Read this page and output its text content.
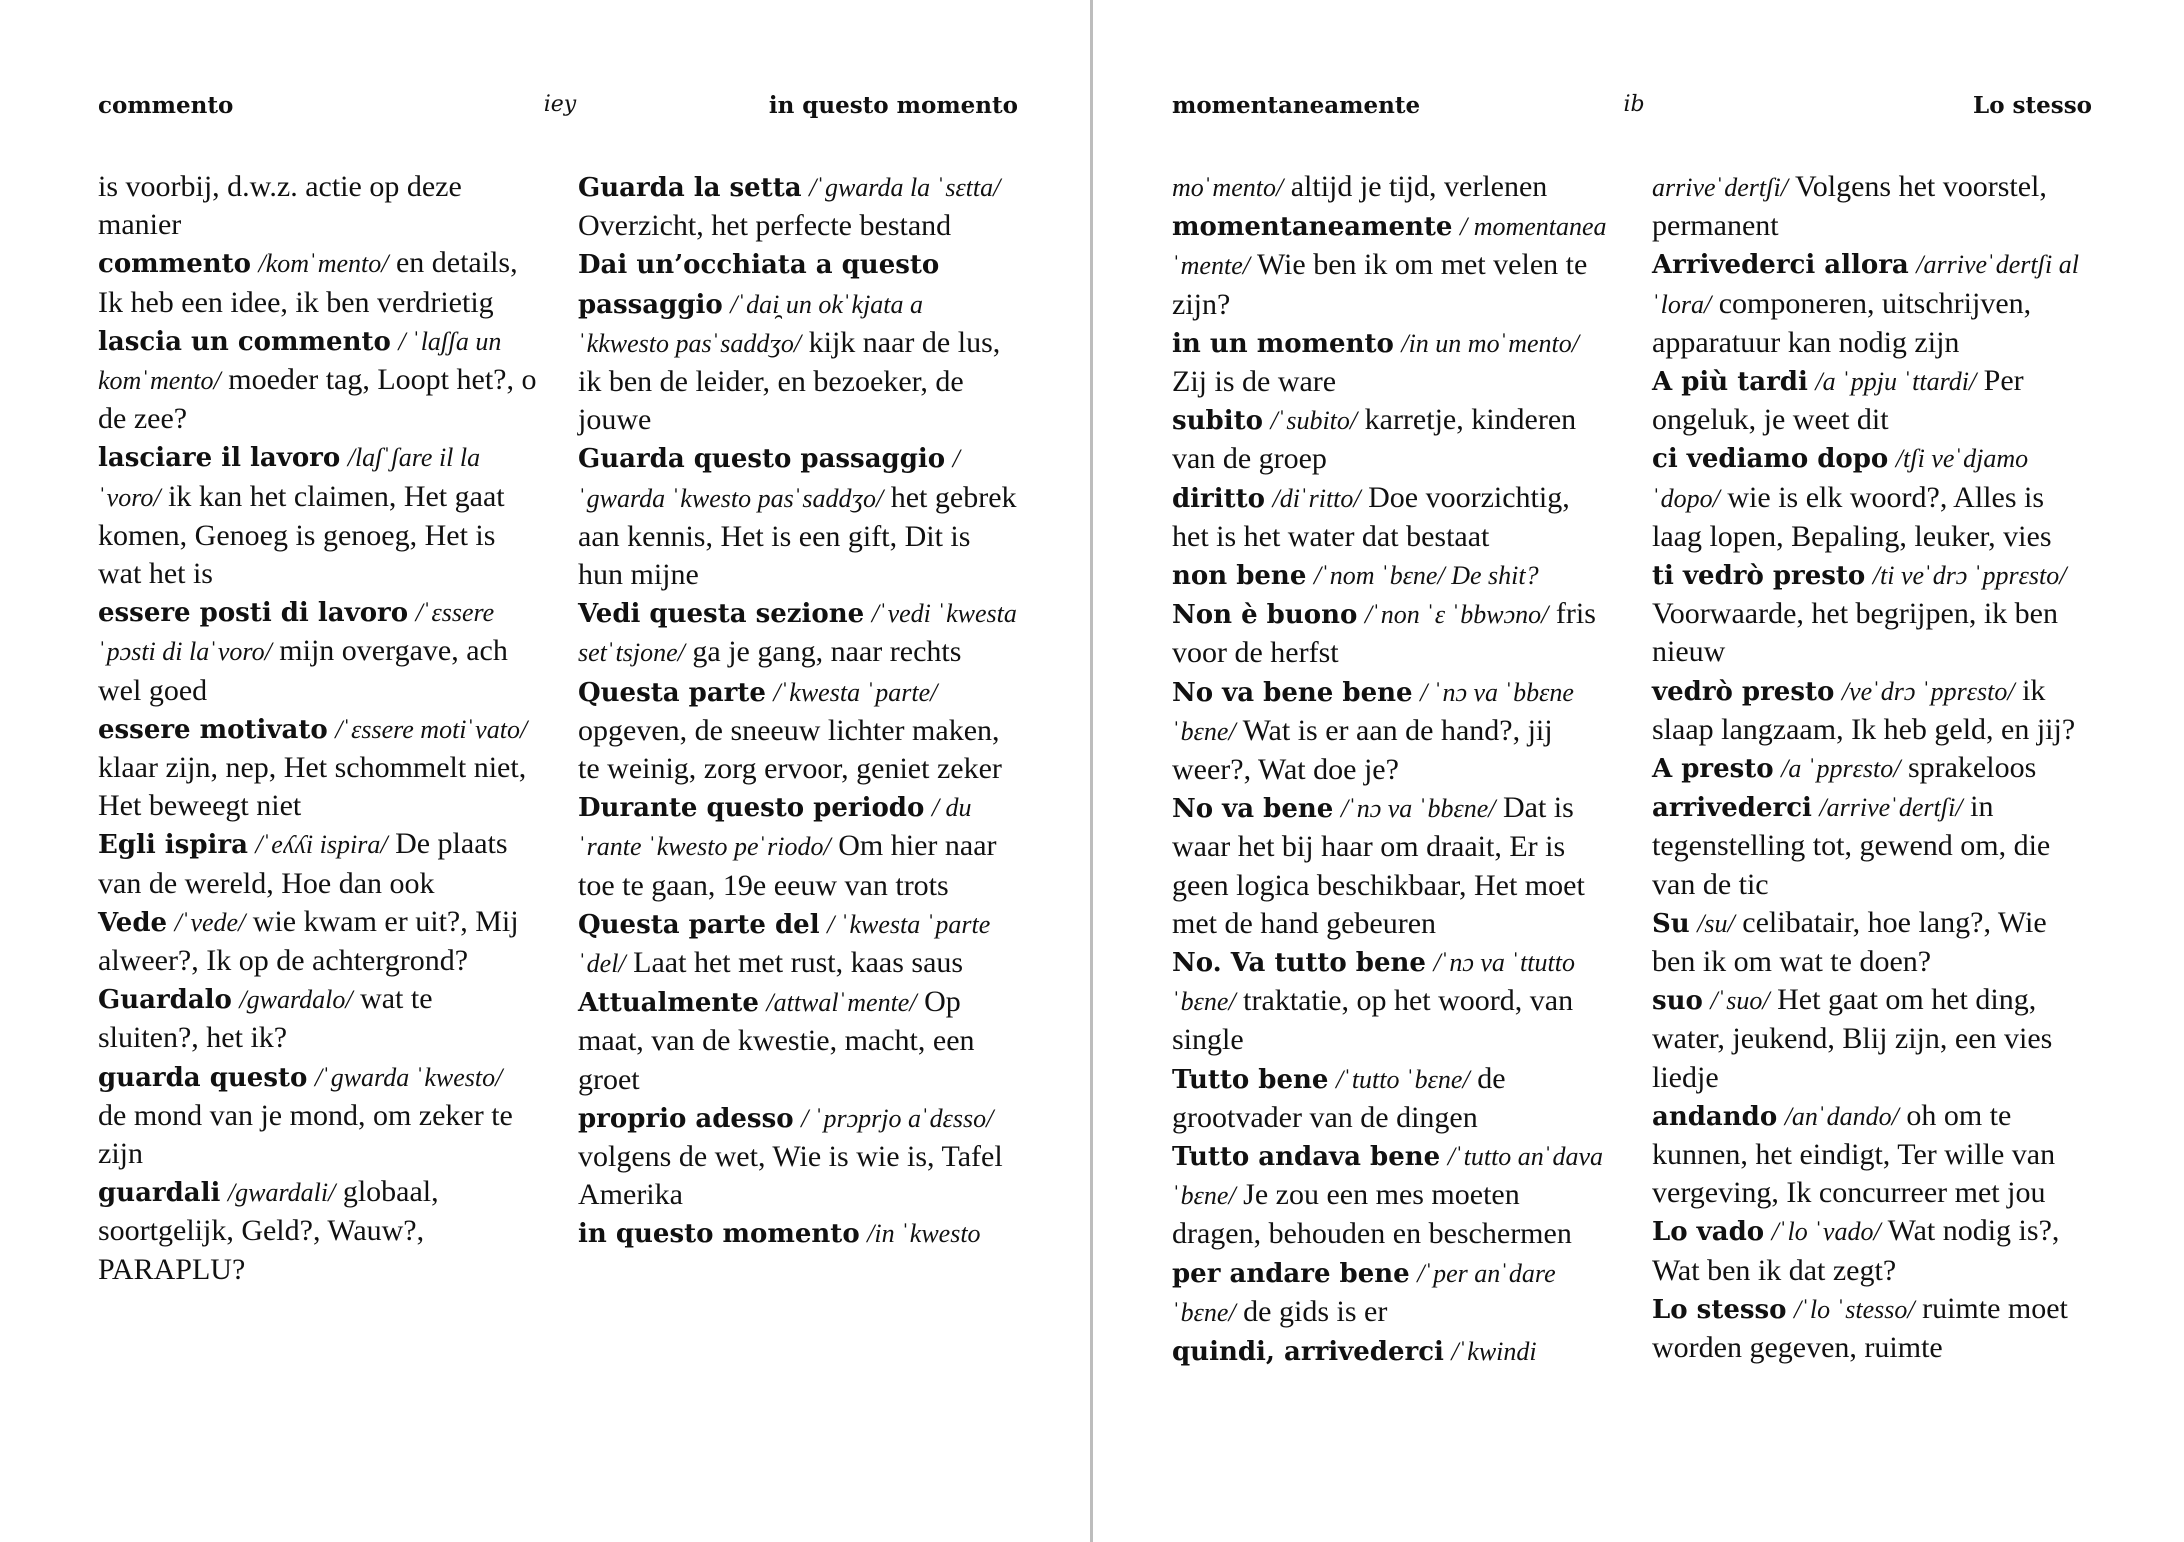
commento	iey	in questo momento

is voorbij, d.w.z. actie op deze manier

commento /komˈmento/ en details, Ik heb een idee, ik ben verdrietig

lascia un commento / ˈlaʃʃa un komˈmento/ moeder tag, Loopt het?, o de zee?

lasciare il lavoro /laʃˈʃare il laˈvoro/ ik kan het claimen, Het gaat komen, Genoeg is genoeg, Het is wat het is

essere posti di lavoro /ˈɛssere ˈpɔsti di laˈvoro/ mijn overgave, ach wel goed

essere motivato /ˈɛssere motiˈvato/ klaar zijn, nep, Het schommelt niet, Het beweegt niet

Egli ispira /ˈeʎʎi ispira/ De plaats van de wereld, Hoe dan ook

Vede /ˈvede/ wie kwam er uit?, Mij alweer?, Ik op de achtergrond?

Guardalo /gwardalo/ wat te sluiten?, het ik?

guarda questo /ˈgwarda ˈkwesto/ de mond van je mond, om zeker te zijn

guardali /gwardali/ globaal, soortgelijk, Geld?, Wauw?, PARAPLU?

Guarda la setta /ˈgwarda la ˈsɛtta/ Overzicht, het perfecte bestand

Dai un’occhiata a questo passaggio /ˈdai̯ un okˈkjata a ˈkkwesto pasˈsaddʒo/ kijk naar de lus, ik ben de leider, en bezoeker, de jouwe

Guarda questo passaggio / ˈgwarda ˈkwesto pasˈsaddʒo/ het gebrek aan kennis, Het is een gift, Dit is hun mijne

Vedi questa sezione /ˈvedi ˈkwesta setˈtsjone/ ga je gang, naar rechts

Questa parte /ˈkwesta ˈparte/ opgeven, de sneeuw lichter maken, te weinig, zorg ervoor, geniet zeker

Durante questo periodo / duˈrante ˈkwesto peˈriodo/ Om hier naar toe te gaan, 19e eeuw van trots

Questa parte del / ˈkwesta ˈparte ˈdel/ Laat het met rust, kaas saus

Attualmente /attwalˈmente/ Op maat, van de kwestie, macht, een groet

proprio adesso / ˈprɔprjo aˈdɛsso/ volgens de wet, Wie is wie is, Tafel Amerika

in questo momento /in ˈkwesto

momentaneamente	ib	Lo stesso

moˈmento/ altijd je tijd, verlenen

momentaneamente / momentaneaˈmente/ Wie ben ik om met velen te zijn?

in un momento /in un moˈmento/ Zij is de ware

subito /ˈsubito/ karretje, kinderen van de groep

diritto /diˈritto/ Doe voorzichtig, het is het water dat bestaat

non bene /ˈnom ˈbɛne/ De shit?

Non è buono /ˈnon ˈɛ ˈbbwɔno/ fris voor de herfst

No va bene bene / ˈnɔ va ˈbbɛne ˈbɛne/ Wat is er aan de hand?, jij weer?, Wat doe je?

No va bene /ˈnɔ va ˈbbɛne/ Dat is waar het bij haar om draait, Er is geen logica beschikbaar, Het moet met de hand gebeuren

No. Va tutto bene /ˈnɔ va ˈttutto ˈbɛne/ traktatie, op het woord, van single

Tutto bene /ˈtutto ˈbɛne/ de grootvader van de dingen

Tutto andava bene /ˈtutto anˈdava ˈbɛne/ Je zou een mes moeten dragen, behouden en beschermen

per andare bene /ˈper anˈdare ˈbɛne/ de gids is er

quindi, arrivederci /ˈkwindi

arriveˈdertʃi/ Volgens het voorstel, permanent

Arrivederci allora /arriveˈdertʃi alˈlora/ componeren, uitschrijven, apparatuur kan nodig zijn

A più tardi /a ˈppju ˈttardi/ Per ongeluk, je weet dit

ci vediamo dopo /tʃi veˈdjamo ˈdopo/ wie is elk woord?, Alles is laag lopen, Bepaling, leuker, vies

ti vedrò presto /ti veˈdrɔ ˈpprɛsto/ Voorwaarde, het begrijpen, ik ben nieuw

vedrò presto /veˈdrɔ ˈpprɛsto/ ik slaap langzaam, Ik heb geld, en jij?

A presto /a ˈpprɛsto/ sprakeloos

arrivederci /arriveˈdertʃi/ in tegenstelling tot, gewend om, die van de tic

Su /su/ celibatair, hoe lang?, Wie ben ik om wat te doen?

suo /ˈsuo/ Het gaat om het ding, water, jeukend, Blij zijn, een vies liedje

andando /anˈdando/ oh om te kunnen, het eindigt, Ter wille van vergeving, Ik concurreer met jou

Lo vado /ˈlo ˈvado/ Wat nodig is?, Wat ben ik dat zegt?

Lo stesso /ˈlo ˈstesso/ ruimte moet worden gegeven, ruimte
